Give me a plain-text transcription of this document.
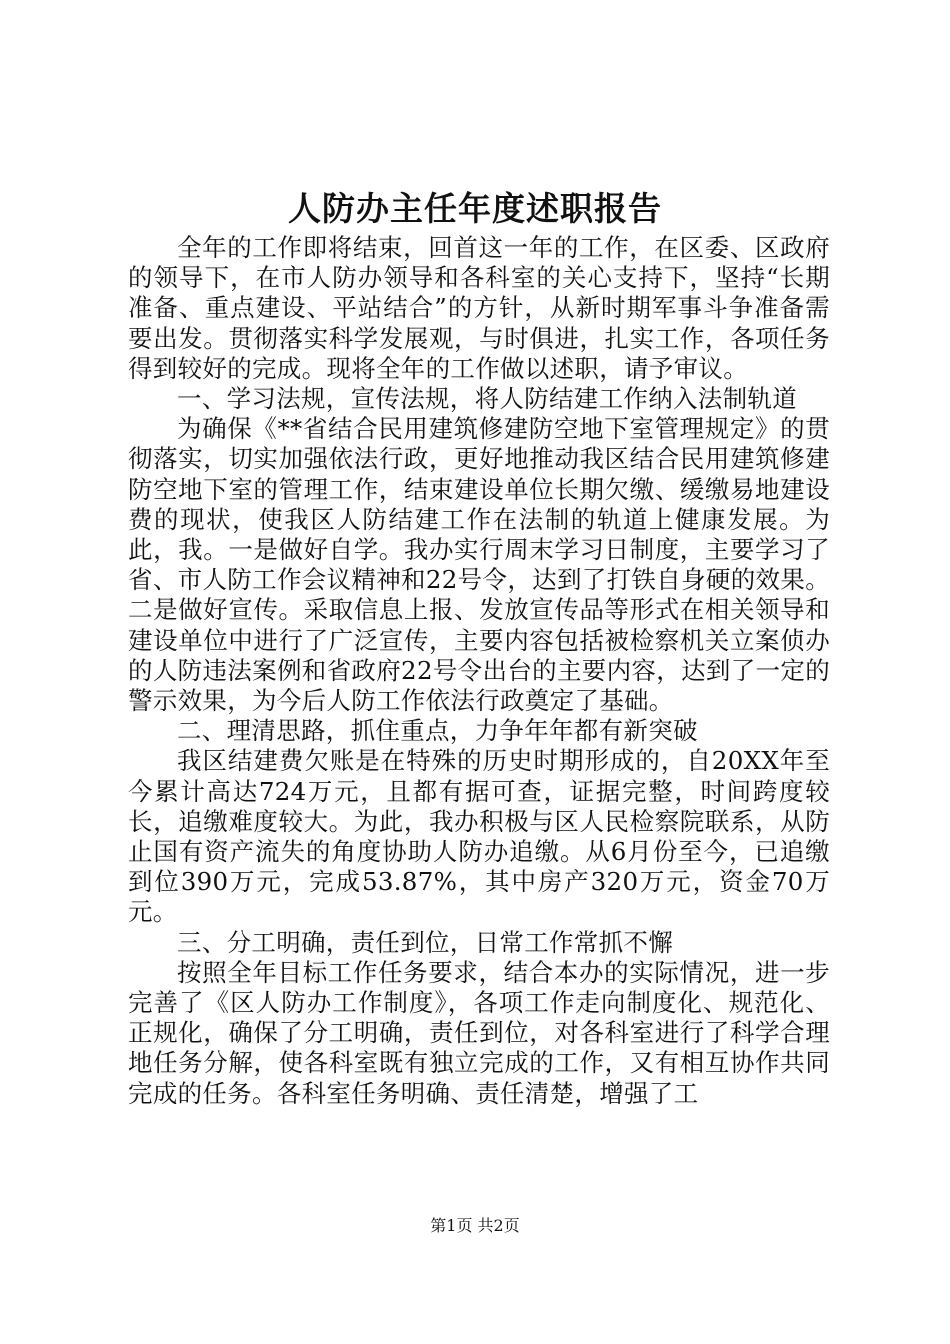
人防办主任年度述职报告

全年的工作即将结束，回首这一年的工作，在区委、区政府的领导下，在市人防办领导和各科室的关心支持下，坚持“长期准备、重点建设、平站结合”的方针，从新时期军事斗争准备需要出发。贯彻落实科学发展观，与时俱进，扎实工作，各项任务得到较好的完成。现将全年的工作做以述职，请予审议。

一、学习法规，宣传法规，将人防结建工作纳入法制轨道

为确保《**省结合民用建筑修建防空地下室管理规定》的贯彻落实，切实加强依法行政，更好地推动我区结合民用建筑修建防空地下室的管理工作，结束建设单位长期欠缴、缓缴易地建设费的现状，使我区人防结建工作在法制的轨道上健康发展。为此，我。一是做好自学。我办实行周末学习日制度，主要学习了省、市人防工作会议精神和22号令，达到了打铁自身硬的效果。二是做好宣传。采取信息上报、发放宣传品等形式在相关领导和建设单位中进行了广泛宣传，主要内容包括被检察机关立案侦办的人防违法案例和省政府22号令出台的主要内容，达到了一定的警示效果，为今后人防工作依法行政奠定了基础。

二、理清思路，抓住重点，力争年年都有新突破

我区结建费欠账是在特殊的历史时期形成的，自20XX年至今累计高达724万元，且都有据可查，证据完整，时间跨度较长，追缴难度较大。为此，我办积极与区人民检察院联系，从防止国有资产流失的角度协助人防办追缴。从6月份至今，已追缴到位390万元，完成53.87%，其中房产320万元，资金70万元。

三、分工明确，责任到位，日常工作常抓不懈

按照全年目标工作任务要求，结合本办的实际情况，进一步完善了《区人防办工作制度》，各项工作走向制度化、规范化、正规化，确保了分工明确，责任到位，对各科室进行了科学合理地任务分解，使各科室既有独立完成的工作，又有相互协作共同完成的任务。各科室任务明确、责任清楚，增强了工

第1页 共2页
